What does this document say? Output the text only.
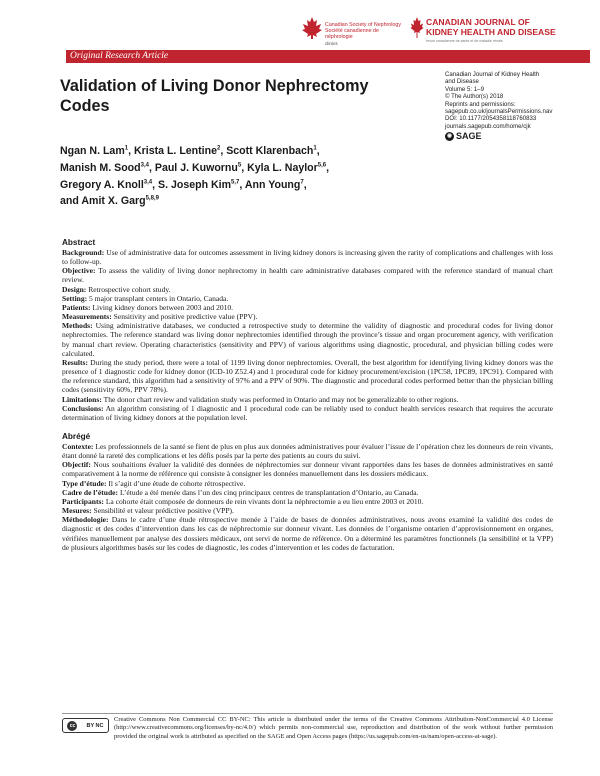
Canadian Society of Nephrology
Société canadienne de néphrologie
clinics
CANADIAN JOURNAL OF
KIDNEY HEALTH AND DISEASE
revue canadienne de santé et de maladie rénale
Original Research Article
Validation of Living Donor Nephrectomy Codes
Canadian Journal of Kidney Health
and Disease
Volume 5: 1–9
© The Author(s) 2018
Reprints and permissions:
sagepub.co.uk/journalsPermissions.nav
DOI: 10.1177/2054358118760833
journals.sagepub.com/home/cjk
◉ SAGE
Ngan N. Lam$^1$, Krista L. Lentine$^2$, Scott Klarenbach$^1$,
Manish M. Sood$^{3,4}$, Paul J. Kuwornu$^5$, Kyla L. Naylor$^{5,6}$,
Gregory A. Knoll$^{3,4}$, S. Joseph Kim$^{5,7}$, Ann Young$^7$,
and Amit X. Garg$^{5,8,9}$
Abstract

Background: Use of administrative data for outcomes assessment in living kidney donors is increasing given the rarity of complications and challenges with loss to follow-up.

Objective: To assess the validity of living donor nephrectomy in health care administrative databases compared with the reference standard of manual chart review.

Design: Retrospective cohort study.

Setting: 5 major transplant centers in Ontario, Canada.

Patients: Living kidney donors between 2003 and 2010.

Measurements: Sensitivity and positive predictive value (PPV).

Methods: Using administrative databases, we conducted a retrospective study to determine the validity of diagnostic and procedural codes for living donor nephrectomies. The reference standard was living donor nephrectomies identified through the province’s tissue and organ procurement agency, with verification by manual chart review. Operating characteristics (sensitivity and PPV) of various algorithms using diagnostic, procedural, and physician billing codes were calculated.

Results: During the study period, there were a total of 1199 living donor nephrectomies. Overall, the best algorithm for identifying living kidney donors was the presence of 1 diagnostic code for kidney donor (ICD-10 Z52.4) and 1 procedural code for kidney procurement/excision (1PC58, 1PC89, 1PC91). Compared with the reference standard, this algorithm had a sensitivity of 97% and a PPV of 90%. The diagnostic and procedural codes performed better than the physician billing codes (sensitivity 60%, PPV 78%).

Limitations: The donor chart review and validation study was performed in Ontario and may not be generalizable to other regions.

Conclusions: An algorithm consisting of 1 diagnostic and 1 procedural code can be reliably used to conduct health services research that requires the accurate determination of living kidney donors at the population level.

Abrégé

Contexte: Les professionnels de la santé se fient de plus en plus aux données administratives pour évaluer l’issue de l’opération chez les donneurs de rein vivants, étant donné la rareté des complications et les défis posés par la perte des patients au cours du suivi.

Objectif: Nous souhaitions évaluer la validité des données de néphrectomies sur donneur vivant rapportées dans les bases de données administratives en santé comparativement à la norme de référence qui consiste à consigner les données manuellement dans les dossiers médicaux.

Type d’étude: Il s’agit d’une étude de cohorte rétrospective.

Cadre de l’étude: L’étude a été menée dans l’un des cinq principaux centres de transplantation d’Ontario, au Canada.

Participants: La cohorte était composée de donneurs de rein vivants dont la néphrectomie a eu lieu entre 2003 et 2010.

Mesures: Sensibilité et valeur prédictive positive (VPP).

Méthodologie: Dans le cadre d’une étude rétrospective menée à l’aide de bases de données administratives, nous avons examiné la validité des codes de diagnostic et des codes d’intervention dans les cas de néphrectomie sur donneur vivant. Les données de l’organisme ontarien d’approvisionnement en organes, vérifiées manuellement par analyse des dossiers médicaux, ont servi de norme de référence. On a déterminé les paramètres fonctionnels (la sensibilité et la VPP) de plusieurs algorithmes basés sur les codes de diagnostic, les codes d’intervention et les codes de facturation.

cc	BY NC
Creative Commons Non Commercial CC BY-NC: This article is distributed under the terms of the Creative Commons Attribution-NonCommercial 4.0 License (http://www.creativecommons.org/licenses/by-nc/4.0/) which permits non-commercial use, reproduction and distribution of the work without further permission provided the original work is attributed as specified on the SAGE and Open Access pages (https://us.sagepub.com/en-us/nam/open-access-at-sage).
